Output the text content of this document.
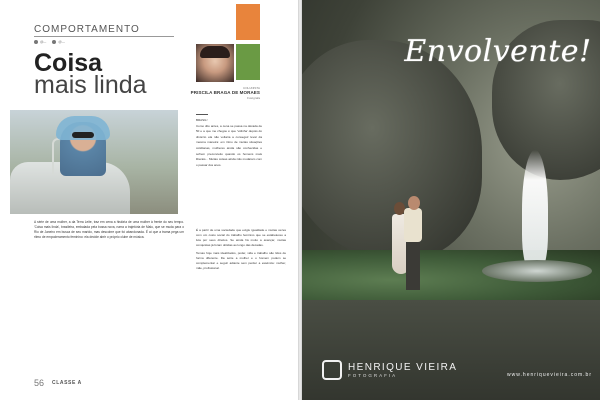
COMPORTAMENTO
@...	@...
Coisa
mais linda	COLUNISTA
PRISCILA BRAGA DE MORAES
Fotógrafa
BRASIL!
Como dito antes, a cena se passa na década de 50 e a que me chegou é que 'vidinha' depois do divórcio ela não voltaria a conseguir levar da mesma maneira: em ritmo de muitas situações cotidianas, mulheres ainda são conhecidas e sofrem preconceito quando os homens mais liberais... Muitas coisas ainda não mudaram com o passar dos anos.
A série de uma mulher, a da Terra Leite, traz em cena a história de uma mulher à frente do seu tempo. 'Coisa mais linda', brasileira, embalada pela bossa nova, narra a trajetória de Malu, que se muda para o Rio de Janeiro em busca de seu marido, mas descobre que foi abandonada. É aí que a trama pega um ritmo de empoderamento feminino: ela decide abrir o próprio clube de música.
É a partir de uma sociedade que exigiu igualdade e muitas vezes com um custo social do trabalho feminino que se estabeleceu a luta por seus direitos. Se ainda há muito a avançar, muitas conquistas já foram obtidas ao longo das décadas.
Temas hoje mais idealizados, poder, vida e trabalho são lidos de forma diferente. Da série a mulher e o homem podem se complementar e seguir adiante sem perder a essência: mulher, mãe, profissional.
56 CLASSE A
Envolvente!
HENRIQUE VIEIRA
FOTOGRAFIA	www.henriquevieira.com.br
